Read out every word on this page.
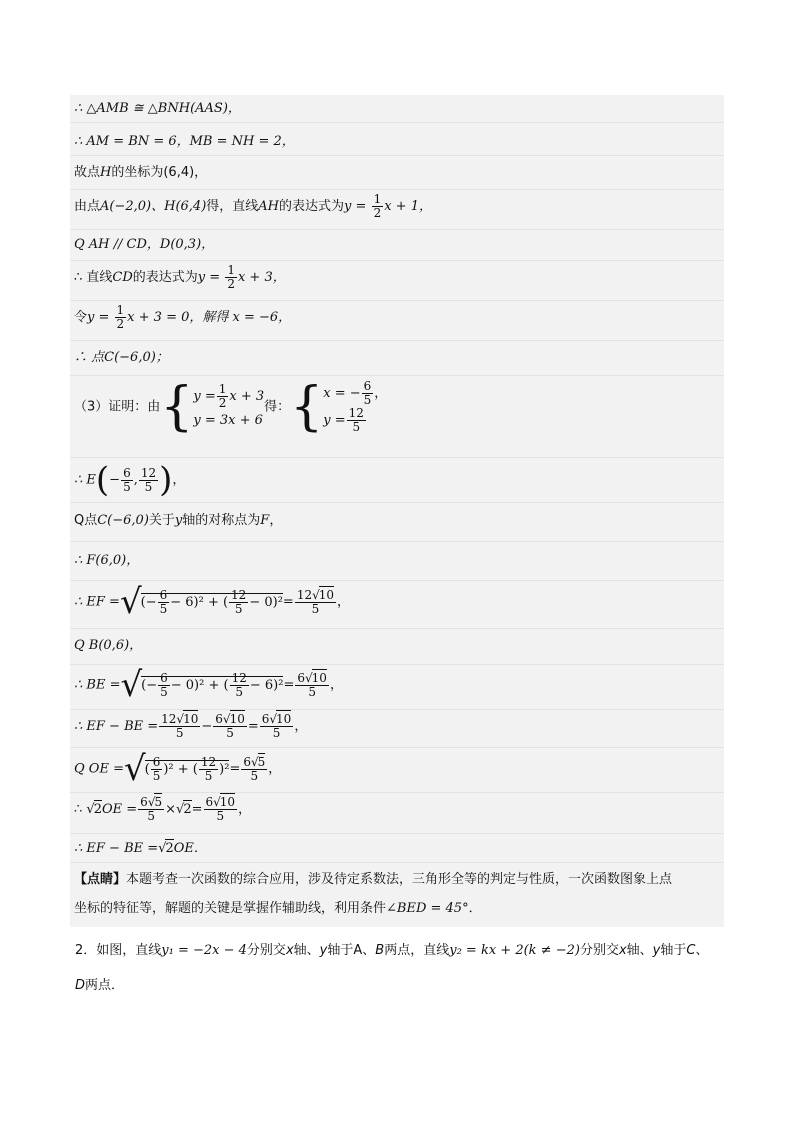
∴ △AMB ≅ △BNH(AAS)，
∴ AM = BN = 6，MB = NH = 2，
故点H的坐标为(6,4)，
由点A(−2,0)、H(6,4)得，直线AH的表达式为$y = \frac{1}{2}$ x + 1，
Q AH // CD，D(0,3)，
∴ 直线CD的表达式为$y = \frac{1}{2}$ x + 3，
令$y = \frac{1}{2}$ x + 3 = 0，解得 x = −6，
∴ 点C(−6,0)；
（3）证明：由{ $y = \frac{1}{2}$ x + 3
y = 3x + 6
得：{ x = − $\frac{6}{5}$ ，
$y = \frac{12}{5}$
∴ $E(- \frac{6}{5}$ , $\frac{12}{5}$ )，
Q点C(−6,0)关于y轴的对称点为F，
∴ F(6,0)，
∴ EF =√(− $\frac{6}{5} - 6)^2$ + ( $\frac{12}{5} - 0)^2= \frac{12√10}{5}$ ，
Q B(0,6)，
∴ BE =√(− $\frac{6}{5} - 0)^2$ + ( $\frac{12}{5} - 6)^2= \frac{6√10}{5}$ ，
∴ EF − BE = $\frac{12√10}{5} - \frac{6√10}{5} = \frac{6√10}{5}$ ，
Q OE =√( $\frac{6}{5} )^2$ + ( $\frac{12}{5} )^2= \frac{6√5}{5}$ ，
∴ $√2OE = \frac{6√5}{5} \times√2= \frac{6√10}{5}$ ，
∴ EF − BE =√2OE．
【点睛】本题考查一次函数的综合应用，涉及待定系数法，三角形全等的判定与性质，一次函数图象上点
坐标的特征等，解题的关键是掌握作辅助线，利用条件∠BED = 45°．
2．如图，直线y₁ = −2x − 4分别交x轴、y轴于A、B两点，直线y₂ = kx + 2(k ≠ −2)分别交x轴、y轴于C、
D两点．
